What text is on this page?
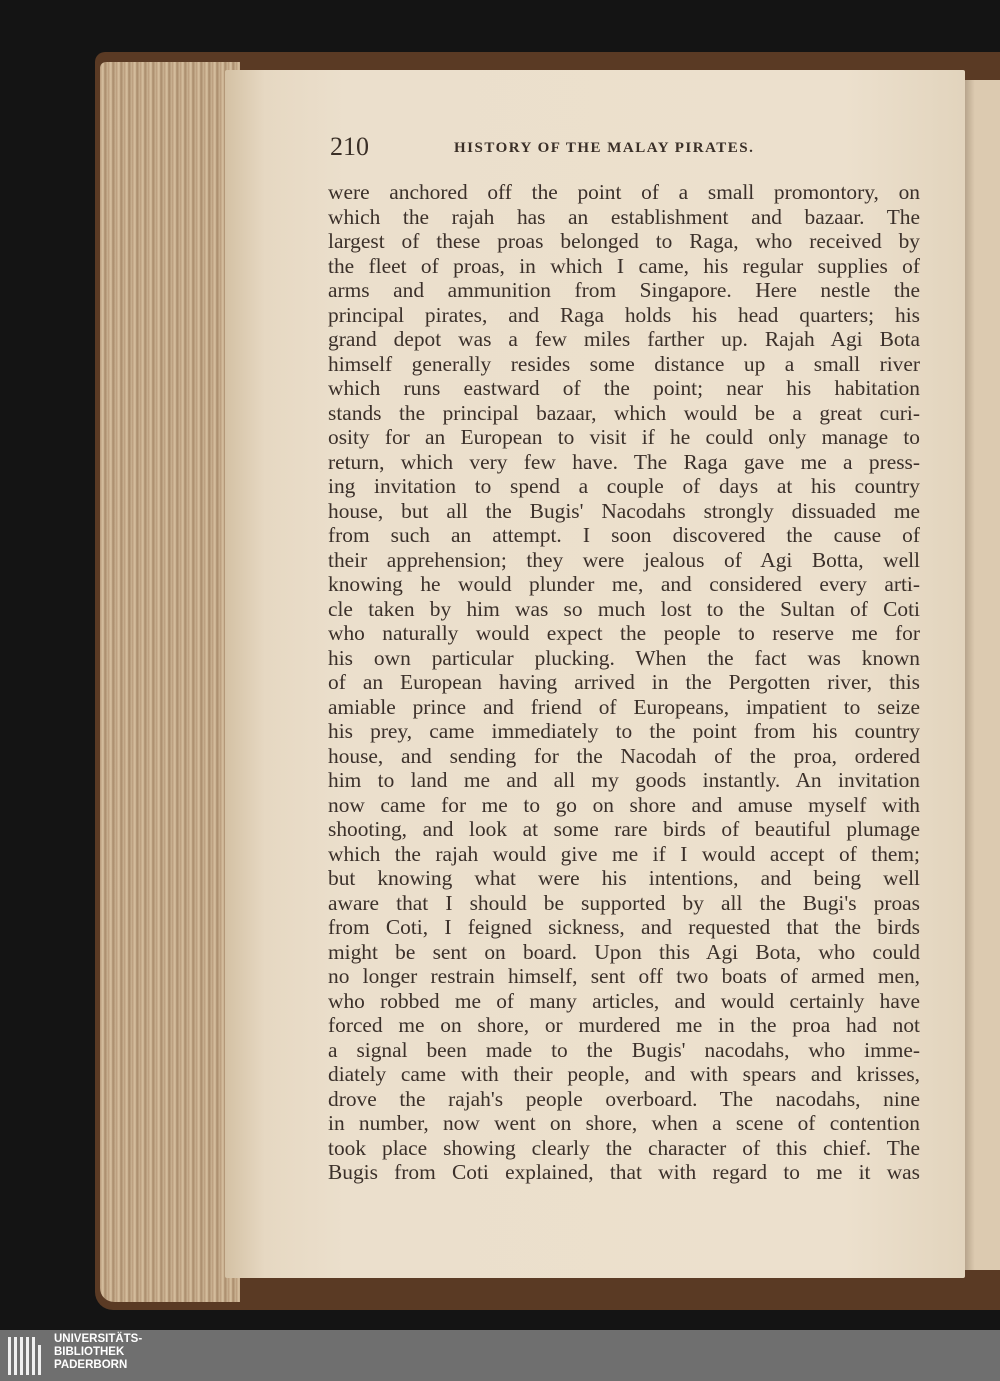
210	HISTORY OF THE MALAY PIRATES.
were anchored off the point of a small promontory, on
which the rajah has an establishment and bazaar. The
largest of these proas belonged to Raga, who received by
the fleet of proas, in which I came, his regular supplies of
arms and ammunition from Singapore. Here nestle the
principal pirates, and Raga holds his head quarters; his
grand depot was a few miles farther up. Rajah Agi Bota
himself generally resides some distance up a small river
which runs eastward of the point; near his habitation
stands the principal bazaar, which would be a great curi-
osity for an European to visit if he could only manage to
return, which very few have. The Raga gave me a press-
ing invitation to spend a couple of days at his country
house, but all the Bugis' Nacodahs strongly dissuaded me
from such an attempt. I soon discovered the cause of
their apprehension; they were jealous of Agi Botta, well
knowing he would plunder me, and considered every arti-
cle taken by him was so much lost to the Sultan of Coti
who naturally would expect the people to reserve me for
his own particular plucking. When the fact was known
of an European having arrived in the Pergotten river, this
amiable prince and friend of Europeans, impatient to seize
his prey, came immediately to the point from his country
house, and sending for the Nacodah of the proa, ordered
him to land me and all my goods instantly. An invitation
now came for me to go on shore and amuse myself with
shooting, and look at some rare birds of beautiful plumage
which the rajah would give me if I would accept of them;
but knowing what were his intentions, and being well
aware that I should be supported by all the Bugi's proas
from Coti, I feigned sickness, and requested that the birds
might be sent on board. Upon this Agi Bota, who could
no longer restrain himself, sent off two boats of armed men,
who robbed me of many articles, and would certainly have
forced me on shore, or murdered me in the proa had not
a signal been made to the Bugis' nacodahs, who imme-
diately came with their people, and with spears and krisses,
drove the rajah's people overboard. The nacodahs, nine
in number, now went on shore, when a scene of contention
took place showing clearly the character of this chief. The
Bugis from Coti explained, that with regard to me it was
UNIVERSITÄTS-
BIBLIOTHEK
PADERBORN
